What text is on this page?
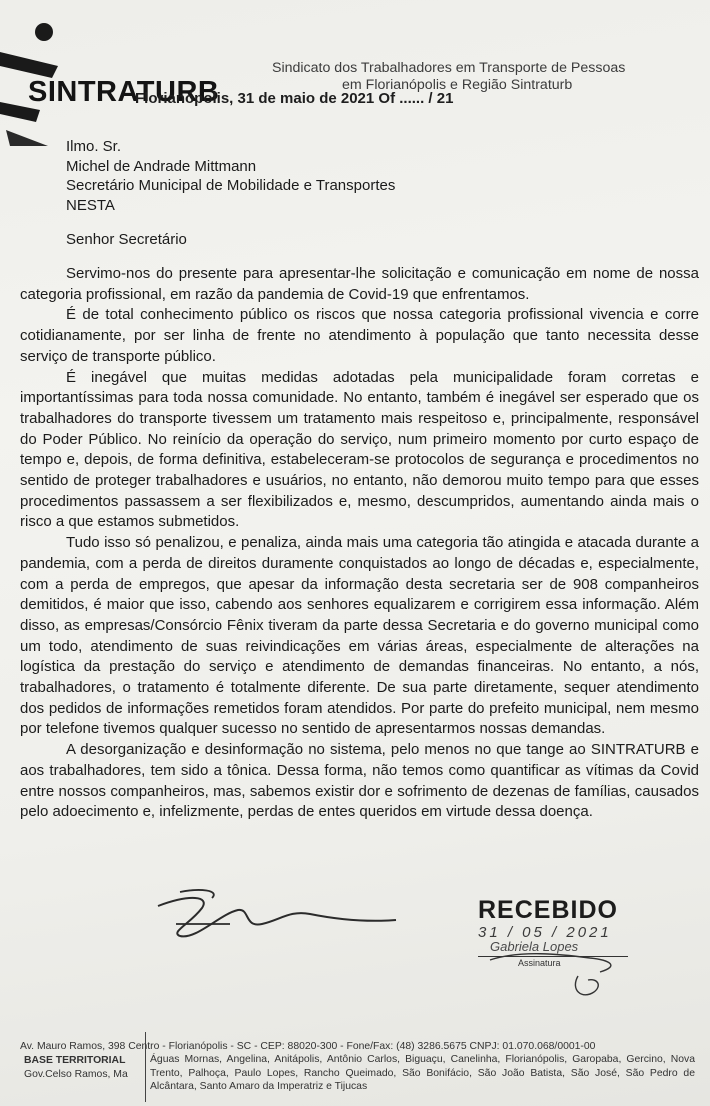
SINTRATURB
Sindicato dos Trabalhadores em Transporte de Pessoas
em Florianópolis e Região Sintraturb
Florianópolis, 31 de maio de 2021 Of ...... / 21
Ilmo. Sr.
Michel de Andrade Mittmann
Secretário Municipal de Mobilidade e Transportes
NESTA
Senhor Secretário

Servimo-nos do presente para apresentar-lhe solicitação e comunicação em nome de nossa categoria profissional, em razão da pandemia de Covid-19 que enfrentamos.

É de total conhecimento público os riscos que nossa categoria profissional vivencia e corre cotidianamente, por ser linha de frente no atendimento à população que tanto necessita desse serviço de transporte público.

É inegável que muitas medidas adotadas pela municipalidade foram corretas e importantíssimas para toda nossa comunidade. No entanto, também é inegável ser esperado que os trabalhadores do transporte tivessem um tratamento mais respeitoso e, principalmente, responsável do Poder Público. No reinício da operação do serviço, num primeiro momento por curto espaço de tempo e, depois, de forma definitiva, estabeleceram-se protocolos de segurança e procedimentos no sentido de proteger trabalhadores e usuários, no entanto, não demorou muito tempo para que esses procedimentos passassem a ser flexibilizados e, mesmo, descumpridos, aumentando ainda mais o risco a que estamos submetidos.

Tudo isso só penalizou, e penaliza, ainda mais uma categoria tão atingida e atacada durante a pandemia, com a perda de direitos duramente conquistados ao longo de décadas e, especialmente, com a perda de empregos, que apesar da informação desta secretaria ser de 908 companheiros demitidos, é maior que isso, cabendo aos senhores equalizarem e corrigirem essa informação. Além disso, as empresas/Consórcio Fênix tiveram da parte dessa Secretaria e do governo municipal como um todo, atendimento de suas reivindicações em várias áreas, especialmente de alterações na logística da prestação do serviço e atendimento de demandas financeiras. No entanto, a nós, trabalhadores, o tratamento é totalmente diferente. De sua parte diretamente, sequer atendimento dos pedidos de informações remetidos foram atendidos. Por parte do prefeito municipal, nem mesmo por telefone tivemos qualquer sucesso no sentido de apresentarmos nossas demandas.

A desorganização e desinformação no sistema, pelo menos no que tange ao SINTRATURB e aos trabalhadores, tem sido a tônica. Dessa forma, não temos como quantificar as vítimas da Covid entre nossos companheiros, mas, sabemos existir dor e sofrimento de dezenas de famílias, causados pelo adoecimento e, infelizmente, perdas de entes queridos em virtude dessa doença.

RECEBIDO
31 / 05 / 2021
Gabriela Lopes
Assinatura
Av. Mauro Ramos, 398 Centro - Florianópolis - SC - CEP: 88020-300 - Fone/Fax: (48) 3286.5675 CNPJ: 01.070.068/0001-00
BASE TERRITORIAL
Gov.Celso Ramos, Ma
Águas Mornas, Angelina, Anitápolis, Antônio Carlos, Biguaçu, Canelinha, Florianópolis, Garopaba, Gercino, Nova Trento, Palhoça, Paulo Lopes, Rancho Queimado, São Bonifácio, São João Batista, São José, São Pedro de Alcântara, Santo Amaro da Imperatriz e Tijucas
